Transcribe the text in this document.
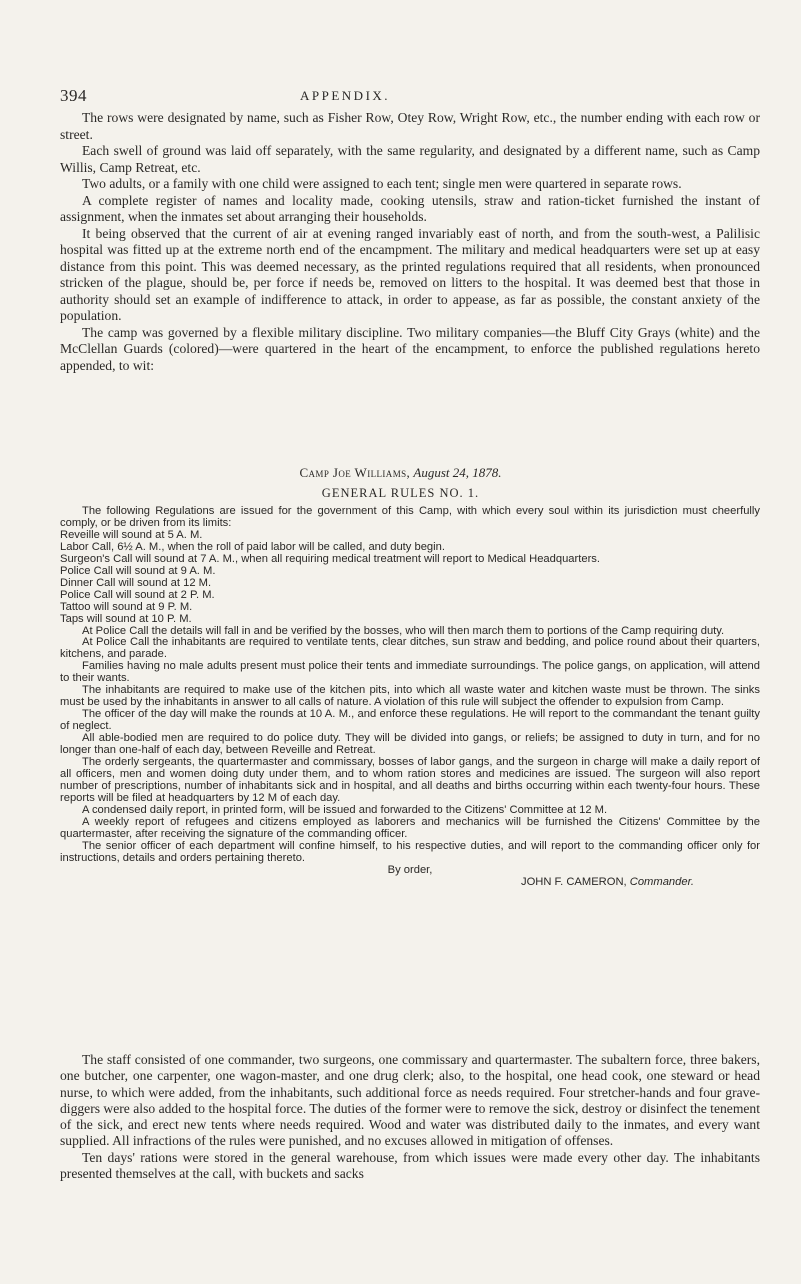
394	APPENDIX.

The rows were designated by name, such as Fisher Row, Otey Row, Wright Row, etc., the number ending with each row or street.

Each swell of ground was laid off separately, with the same regularity, and designated by a different name, such as Camp Willis, Camp Retreat, etc.

Two adults, or a family with one child were assigned to each tent; single men were quartered in separate rows.

A complete register of names and locality made, cooking utensils, straw and ration-ticket furnished the instant of assignment, when the inmates set about arranging their households.

It being observed that the current of air at evening ranged invariably east of north, and from the south-west, a Palilisic hospital was fitted up at the extreme north end of the encampment. The military and medical headquarters were set up at easy distance from this point. This was deemed necessary, as the printed regulations required that all residents, when pronounced stricken of the plague, should be, per force if needs be, removed on litters to the hospital. It was deemed best that those in authority should set an example of indifference to attack, in order to appease, as far as possible, the constant anxiety of the population.

The camp was governed by a flexible military discipline. Two military companies—the Bluff City Grays (white) and the McClellan Guards (colored)—were quartered in the heart of the encampment, to enforce the published regulations hereto appended, to wit:

Camp Joe Williams, August 24, 1878.
GENERAL RULES NO. 1.

The following Regulations are issued for the government of this Camp, with which every soul within its jurisdiction must cheerfully comply, or be driven from its limits:

Reveille will sound at 5 A. M.

Labor Call, 6½ A. M., when the roll of paid labor will be called, and duty begin.

Surgeon's Call will sound at 7 A. M., when all requiring medical treatment will report to Medical Headquarters.

Police Call will sound at 9 A. M.

Dinner Call will sound at 12 M.

Police Call will sound at 2 P. M.

Tattoo will sound at 9 P. M.

Taps will sound at 10 P. M.

At Police Call the details will fall in and be verified by the bosses, who will then march them to portions of the Camp requiring duty.

At Police Call the inhabitants are required to ventilate tents, clear ditches, sun straw and bedding, and police round about their quarters, kitchens, and parade.

Families having no male adults present must police their tents and immediate surroundings. The police gangs, on application, will attend to their wants.

The inhabitants are required to make use of the kitchen pits, into which all waste water and kitchen waste must be thrown. The sinks must be used by the inhabitants in answer to all calls of nature. A violation of this rule will subject the offender to expulsion from Camp.

The officer of the day will make the rounds at 10 A. M., and enforce these regulations. He will report to the commandant the tenant guilty of neglect.

All able-bodied men are required to do police duty. They will be divided into gangs, or reliefs; be assigned to duty in turn, and for no longer than one-half of each day, between Reveille and Retreat.

The orderly sergeants, the quartermaster and commissary, bosses of labor gangs, and the surgeon in charge will make a daily report of all officers, men and women doing duty under them, and to whom ration stores and medicines are issued. The surgeon will also report number of prescriptions, number of inhabitants sick and in hospital, and all deaths and births occurring within each twenty-four hours. These reports will be filed at headquarters by 12 M of each day.

A condensed daily report, in printed form, will be issued and forwarded to the Citizens' Committee at 12 M.

A weekly report of refugees and citizens employed as laborers and mechanics will be furnished the Citizens' Committee by the quartermaster, after receiving the signature of the commanding officer.

The senior officer of each department will confine himself, to his respective duties, and will report to the commanding officer only for instructions, details and orders pertaining thereto.

By order,

JOHN F. CAMERON, Commander.

The staff consisted of one commander, two surgeons, one commissary and quartermaster. The subaltern force, three bakers, one butcher, one carpenter, one wagon-master, and one drug clerk; also, to the hospital, one head cook, one steward or head nurse, to which were added, from the inhabitants, such additional force as needs required. Four stretcher-hands and four grave-diggers were also added to the hospital force. The duties of the former were to remove the sick, destroy or disinfect the tenement of the sick, and erect new tents where needs required. Wood and water was distributed daily to the inmates, and every want supplied. All infractions of the rules were punished, and no excuses allowed in mitigation of offenses.

Ten days' rations were stored in the general warehouse, from which issues were made every other day. The inhabitants presented themselves at the call, with buckets and sacks
